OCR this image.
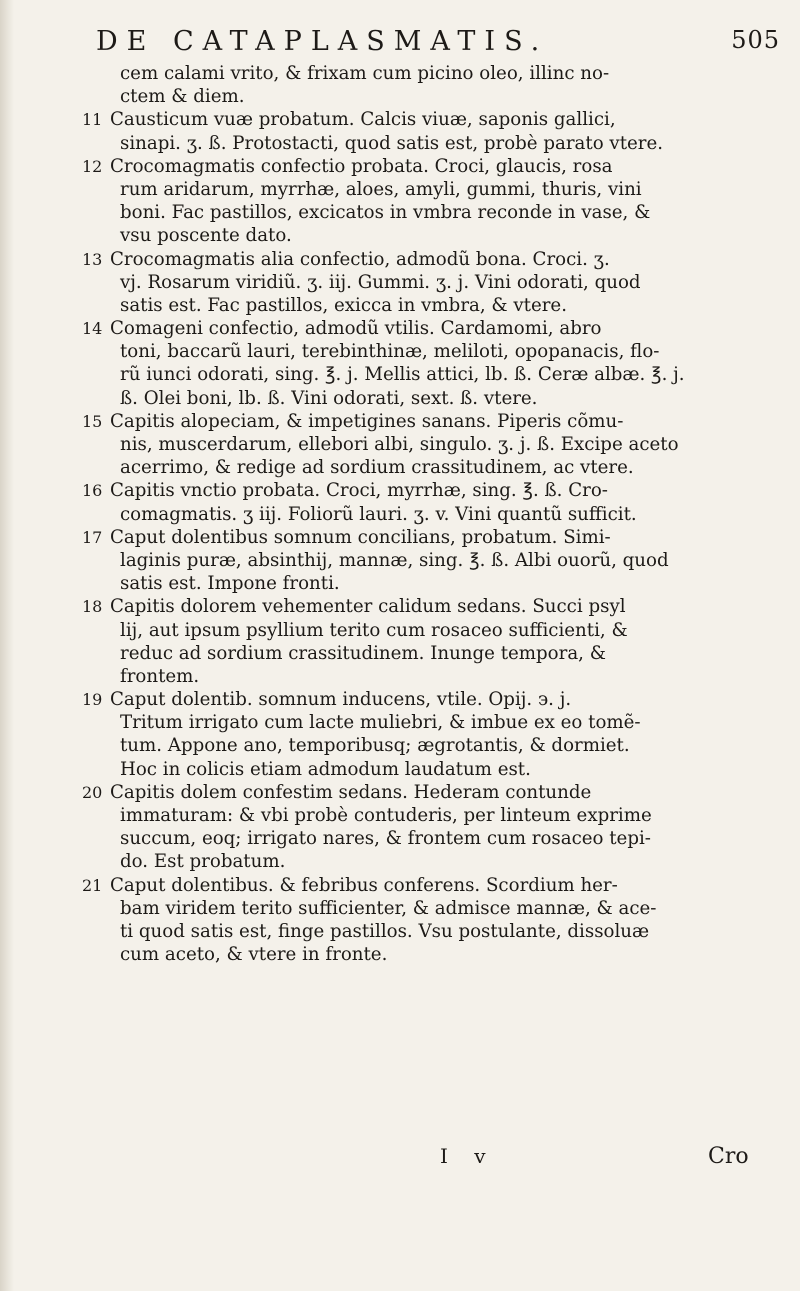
DE CATAPLASMATIS.	505
cem calami vrito, & frixam cum picino oleo, illinc no-
ctem & diem.
11 Causticum vuæ probatum. Calcis viuæ, saponis gallici,
sinapi. ʒ. ß. Protostacti, quod satis est, probè parato vtere.
12 Crocomagmatis confectio probata. Croci, glaucis, rosa
rum aridarum, myrrhæ, aloes, amyli, gummi, thuris, vini
boni. Fac pastillos, excicatos in vmbra reconde in vase, &
vsu poscente dato.
13 Crocomagmatis alia confectio, admodũ bona. Croci. ʒ.
vj. Rosarum viridiũ. ʒ. iij. Gummi. ʒ. j. Vini odorati, quod
satis est. Fac pastillos, exicca in vmbra, & vtere.
14 Comageni confectio, admodũ vtilis. Cardamomi, abro
toni, baccarũ lauri, terebinthinæ, meliloti, opopanacis, flo-
rũ iunci odorati, sing. ℥. j. Mellis attici, lb. ß. Ceræ albæ. ℥. j.
ß. Olei boni, lb. ß. Vini odorati, sext. ß. vtere.
15 Capitis alopeciam, & impetigines sanans. Piperis cõmu-
nis, muscerdarum, ellebori albi, singulo. ʒ. j. ß. Excipe aceto
acerrimo, & redige ad sordium crassitudinem, ac vtere.
16 Capitis vnctio probata. Croci, myrrhæ, sing. ℥. ß. Cro-
comagmatis. ʒ iij. Foliorũ lauri. ʒ. v. Vini quantũ sufficit.
17 Caput dolentibus somnum concilians, probatum. Simi-
laginis puræ, absinthij, mannæ, sing. ℥. ß. Albi ouorũ, quod
satis est. Impone fronti.
18 Capitis dolorem vehementer calidum sedans. Succi psyl
lij, aut ipsum psyllium terito cum rosaceo sufficienti, &
reduc ad sordium crassitudinem. Inunge tempora, &
frontem.
19 Caput dolentib. somnum inducens, vtile. Opij. ϶. j.
Tritum irrigato cum lacte muliebri, & imbue ex eo tomẽ-
tum. Appone ano, temporibusq; ægrotantis, & dormiet.
Hoc in colicis etiam admodum laudatum est.
20 Capitis dolem confestim sedans. Hederam contunde
immaturam: & vbi probè contuderis, per linteum exprime
succum, eoq; irrigato nares, & frontem cum rosaceo tepi-
do. Est probatum.
21 Caput dolentibus. & febribus conferens. Scordium her-
bam viridem terito sufficienter, & admisce mannæ, & ace-
ti quod satis est, finge pastillos. Vsu postulante, dissoluæ
cum aceto, & vtere in fronte.
I v	Cro
